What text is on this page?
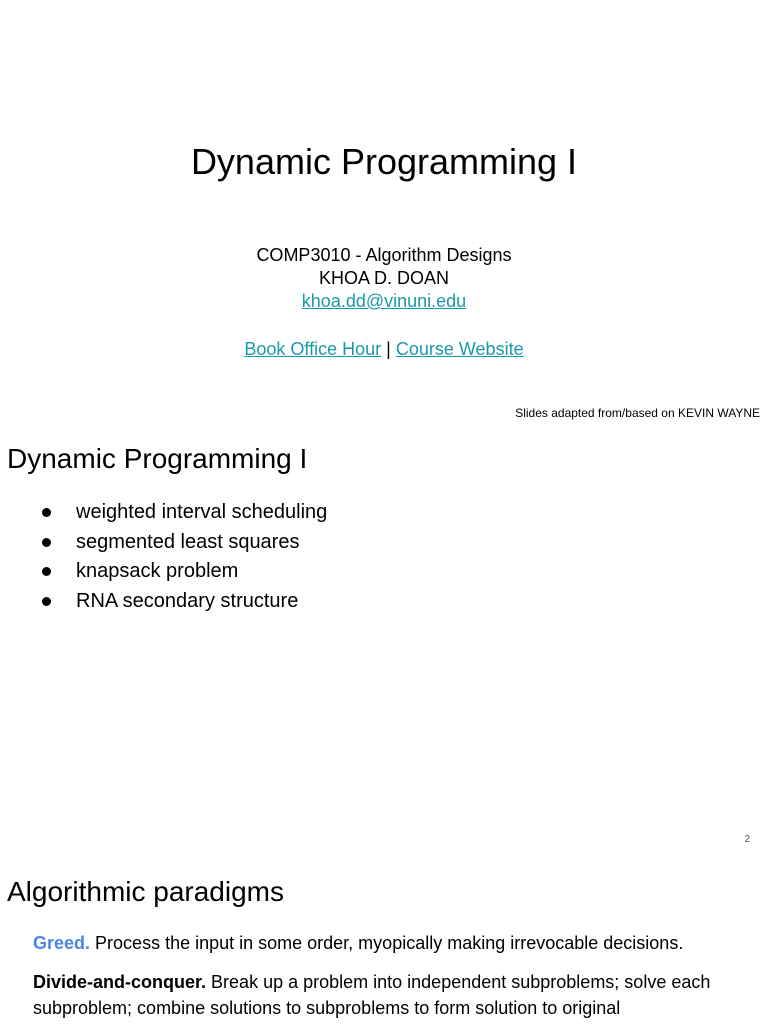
Dynamic Programming I
COMP3010 - Algorithm Designs
KHOA D. DOAN
khoa.dd@vinuni.edu
Book Office Hour | Course Website
Slides adapted from/based on KEVIN WAYNE
Dynamic Programming I
weighted interval scheduling
segmented least squares
knapsack problem
RNA secondary structure
2
Algorithmic paradigms

Greed. Process the input in some order, myopically making irrevocable decisions.

Divide-and-conquer. Break up a problem into independent subproblems; solve each subproblem; combine solutions to subproblems to form solution to original
